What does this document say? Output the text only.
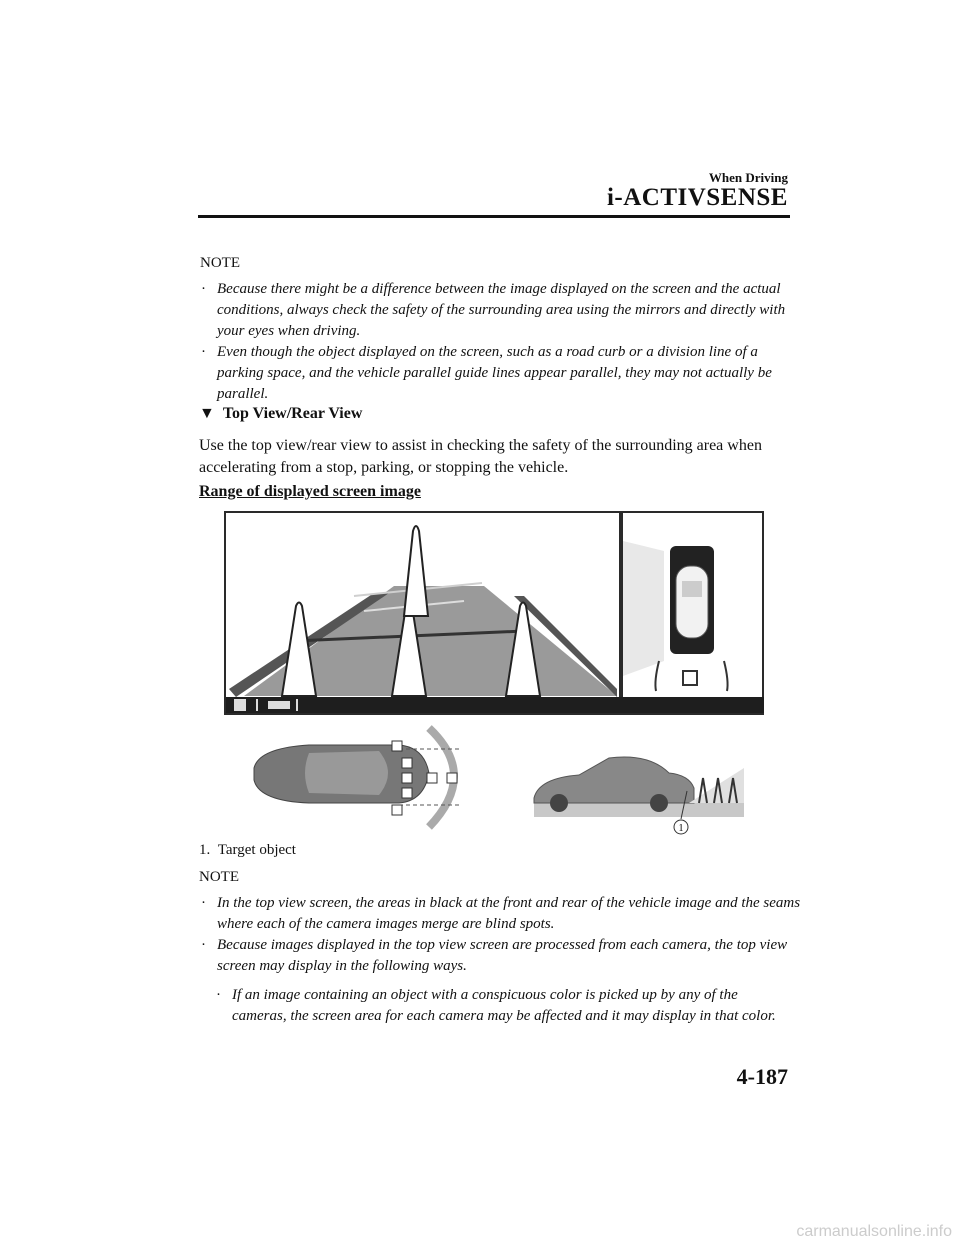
When Driving
i-ACTIVSENSE
NOTE
· Because there might be a difference between the image displayed on the screen and the actual conditions, always check the safety of the surrounding area using the mirrors and directly with your eyes when driving.
· Even though the object displayed on the screen, such as a road curb or a division line of a parking space, and the vehicle parallel guide lines appear parallel, they may not actually be parallel.
▼ Top View/Rear View
Use the top view/rear view to assist in checking the safety of the surrounding area when accelerating from a stop, parking, or stopping the vehicle.
Range of displayed screen image
1
1. Target object
NOTE
· In the top view screen, the areas in black at the front and rear of the vehicle image and the seams where each of the camera images merge are blind spots.
· Because images displayed in the top view screen are processed from each camera, the top view screen may display in the following ways.
· If an image containing an object with a conspicuous color is picked up by any of the cameras, the screen area for each camera may be affected and it may display in that color.
4-187
carmanualsonline.info
